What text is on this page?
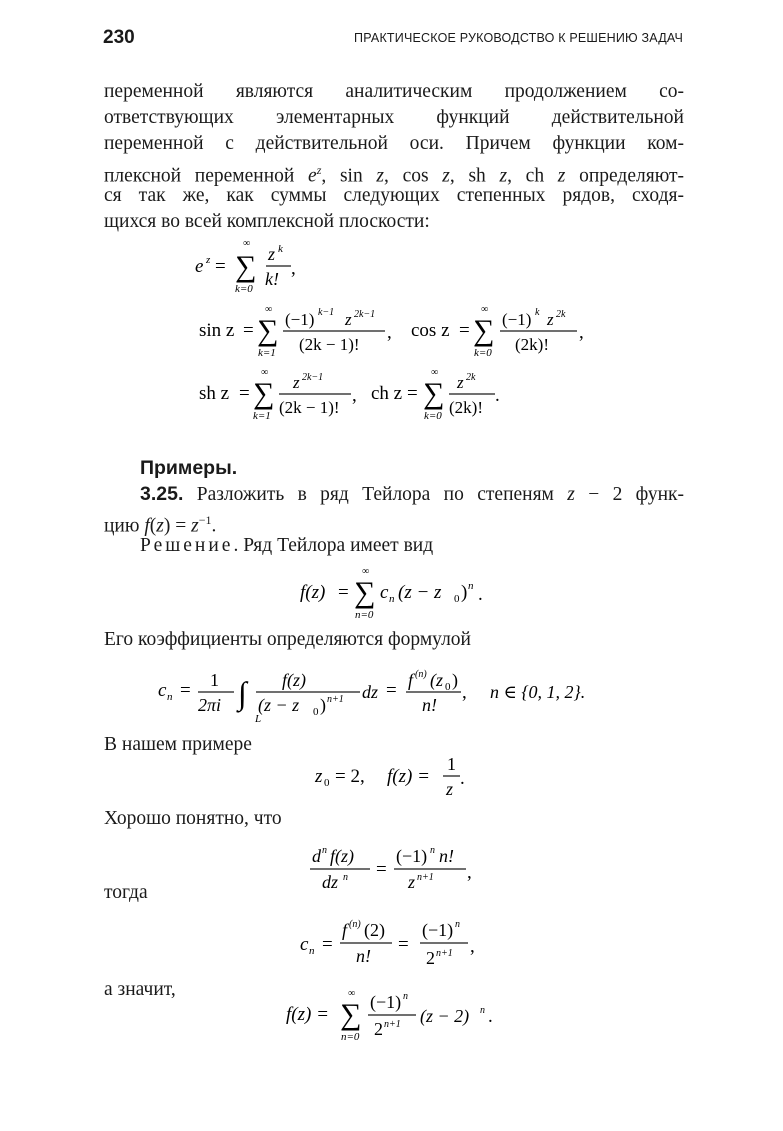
230	ПРАКТИЧЕСКОЕ РУКОВОДСТВО К РЕШЕНИЮ ЗАДАЧ
переменной являются аналитическим продолжением со-
ответствующих элементарных функций действительной
переменной с действительной оси. Причем функции ком-
плексной переменной $e^z$, sin z, cos z, sh z, ch z определяют-
ся так же, как суммы следующих степенных рядов, сходя-
щихся во всей комплексной плоскости:
e z = ∑
∞
k=0
z k
k! ,
sin z = ∑
∞
k=1
(−1) k−1 z 2k−1
(2k − 1)!
, cos z = ∑
∞
k=0
(−1) k z 2k
(2k)!
,
sh z = ∑
∞
k=1
z 2k−1
(2k − 1)!
, ch z = ∑
∞
k=0
z 2k
(2k)!
.
Примеры.
3.25. Разложить в ряд Тейлора по степеням z − 2 функ-
цию $f(z) = z^{-1}$.
Решение. Ряд Тейлора имеет вид
f(z) = ∑
∞
n=0
c n (z − z 0 ) n .
Его коэффициенты определяются формулой
c n = 1
2πi ∫
L
f(z)
(z − z 0 ) n+1 dz = f (n) (z 0 )
n!
, n ∈ {0, 1, 2}.
В нашем примере
z 0 = 2, f(z) =
1
z .
Хорошо понятно, что
d n f(z)
dz n =
(−1) n n!
z n+1 ,
тогда
c n =
f (n) (2)
n!
=
(−1) n
2 n+1 ,
а значит,
f(z) = ∑
∞
n=0
(−1) n
2 n+1 (z − 2) n .
